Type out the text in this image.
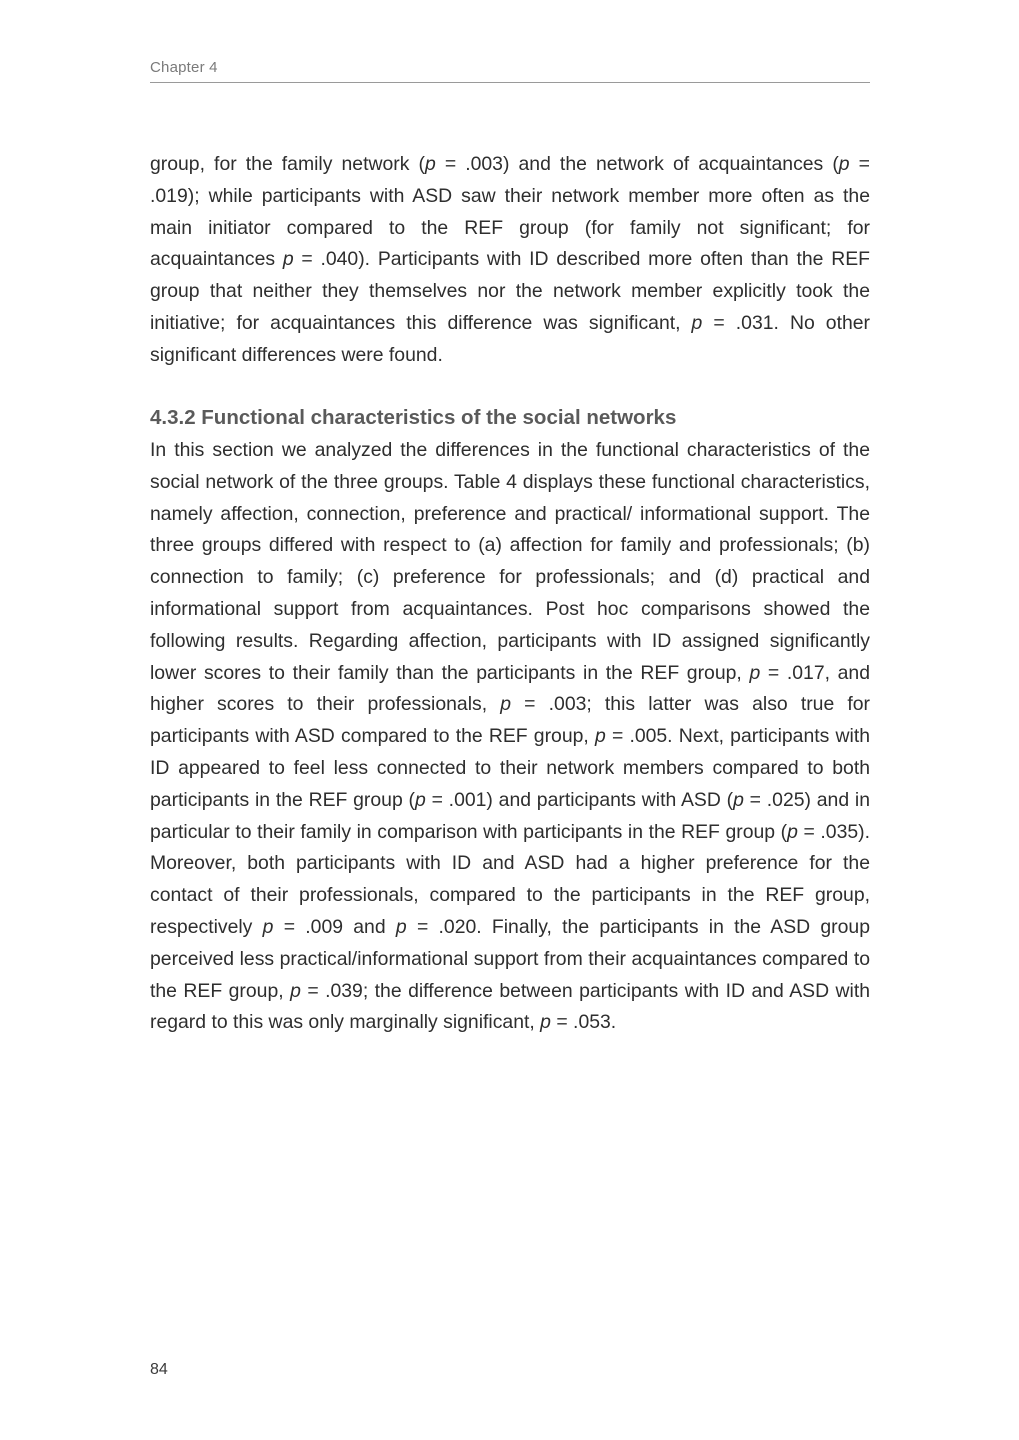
Chapter 4

group, for the family network (p = .003) and the network of acquaintances (p = .019); while participants with ASD saw their network member more often as the main initiator compared to the REF group (for family not significant; for acquaintances p = .040). Participants with ID described more often than the REF group that neither they themselves nor the network member explicitly took the initiative; for acquaintances this difference was significant, p = .031. No other significant differences were found.

4.3.2 Functional characteristics of the social networks

In this section we analyzed the differences in the functional characteristics of the social network of the three groups. Table 4 displays these functional characteristics, namely affection, connection, preference and practical/ informational support. The three groups differed with respect to (a) affection for family and professionals; (b) connection to family; (c) preference for professionals; and (d) practical and informational support from acquaintances. Post hoc comparisons showed the following results. Regarding affection, participants with ID assigned significantly lower scores to their family than the participants in the REF group, p = .017, and higher scores to their professionals, p = .003; this latter was also true for participants with ASD compared to the REF group, p = .005. Next, participants with ID appeared to feel less connected to their network members compared to both participants in the REF group (p = .001) and participants with ASD (p = .025) and in particular to their family in comparison with participants in the REF group (p = .035). Moreover, both participants with ID and ASD had a higher preference for the contact of their professionals, compared to the participants in the REF group, respectively p = .009 and p = .020. Finally, the participants in the ASD group perceived less practical/informational support from their acquaintances compared to the REF group, p = .039; the difference between participants with ID and ASD with regard to this was only marginally significant, p = .053.

84
